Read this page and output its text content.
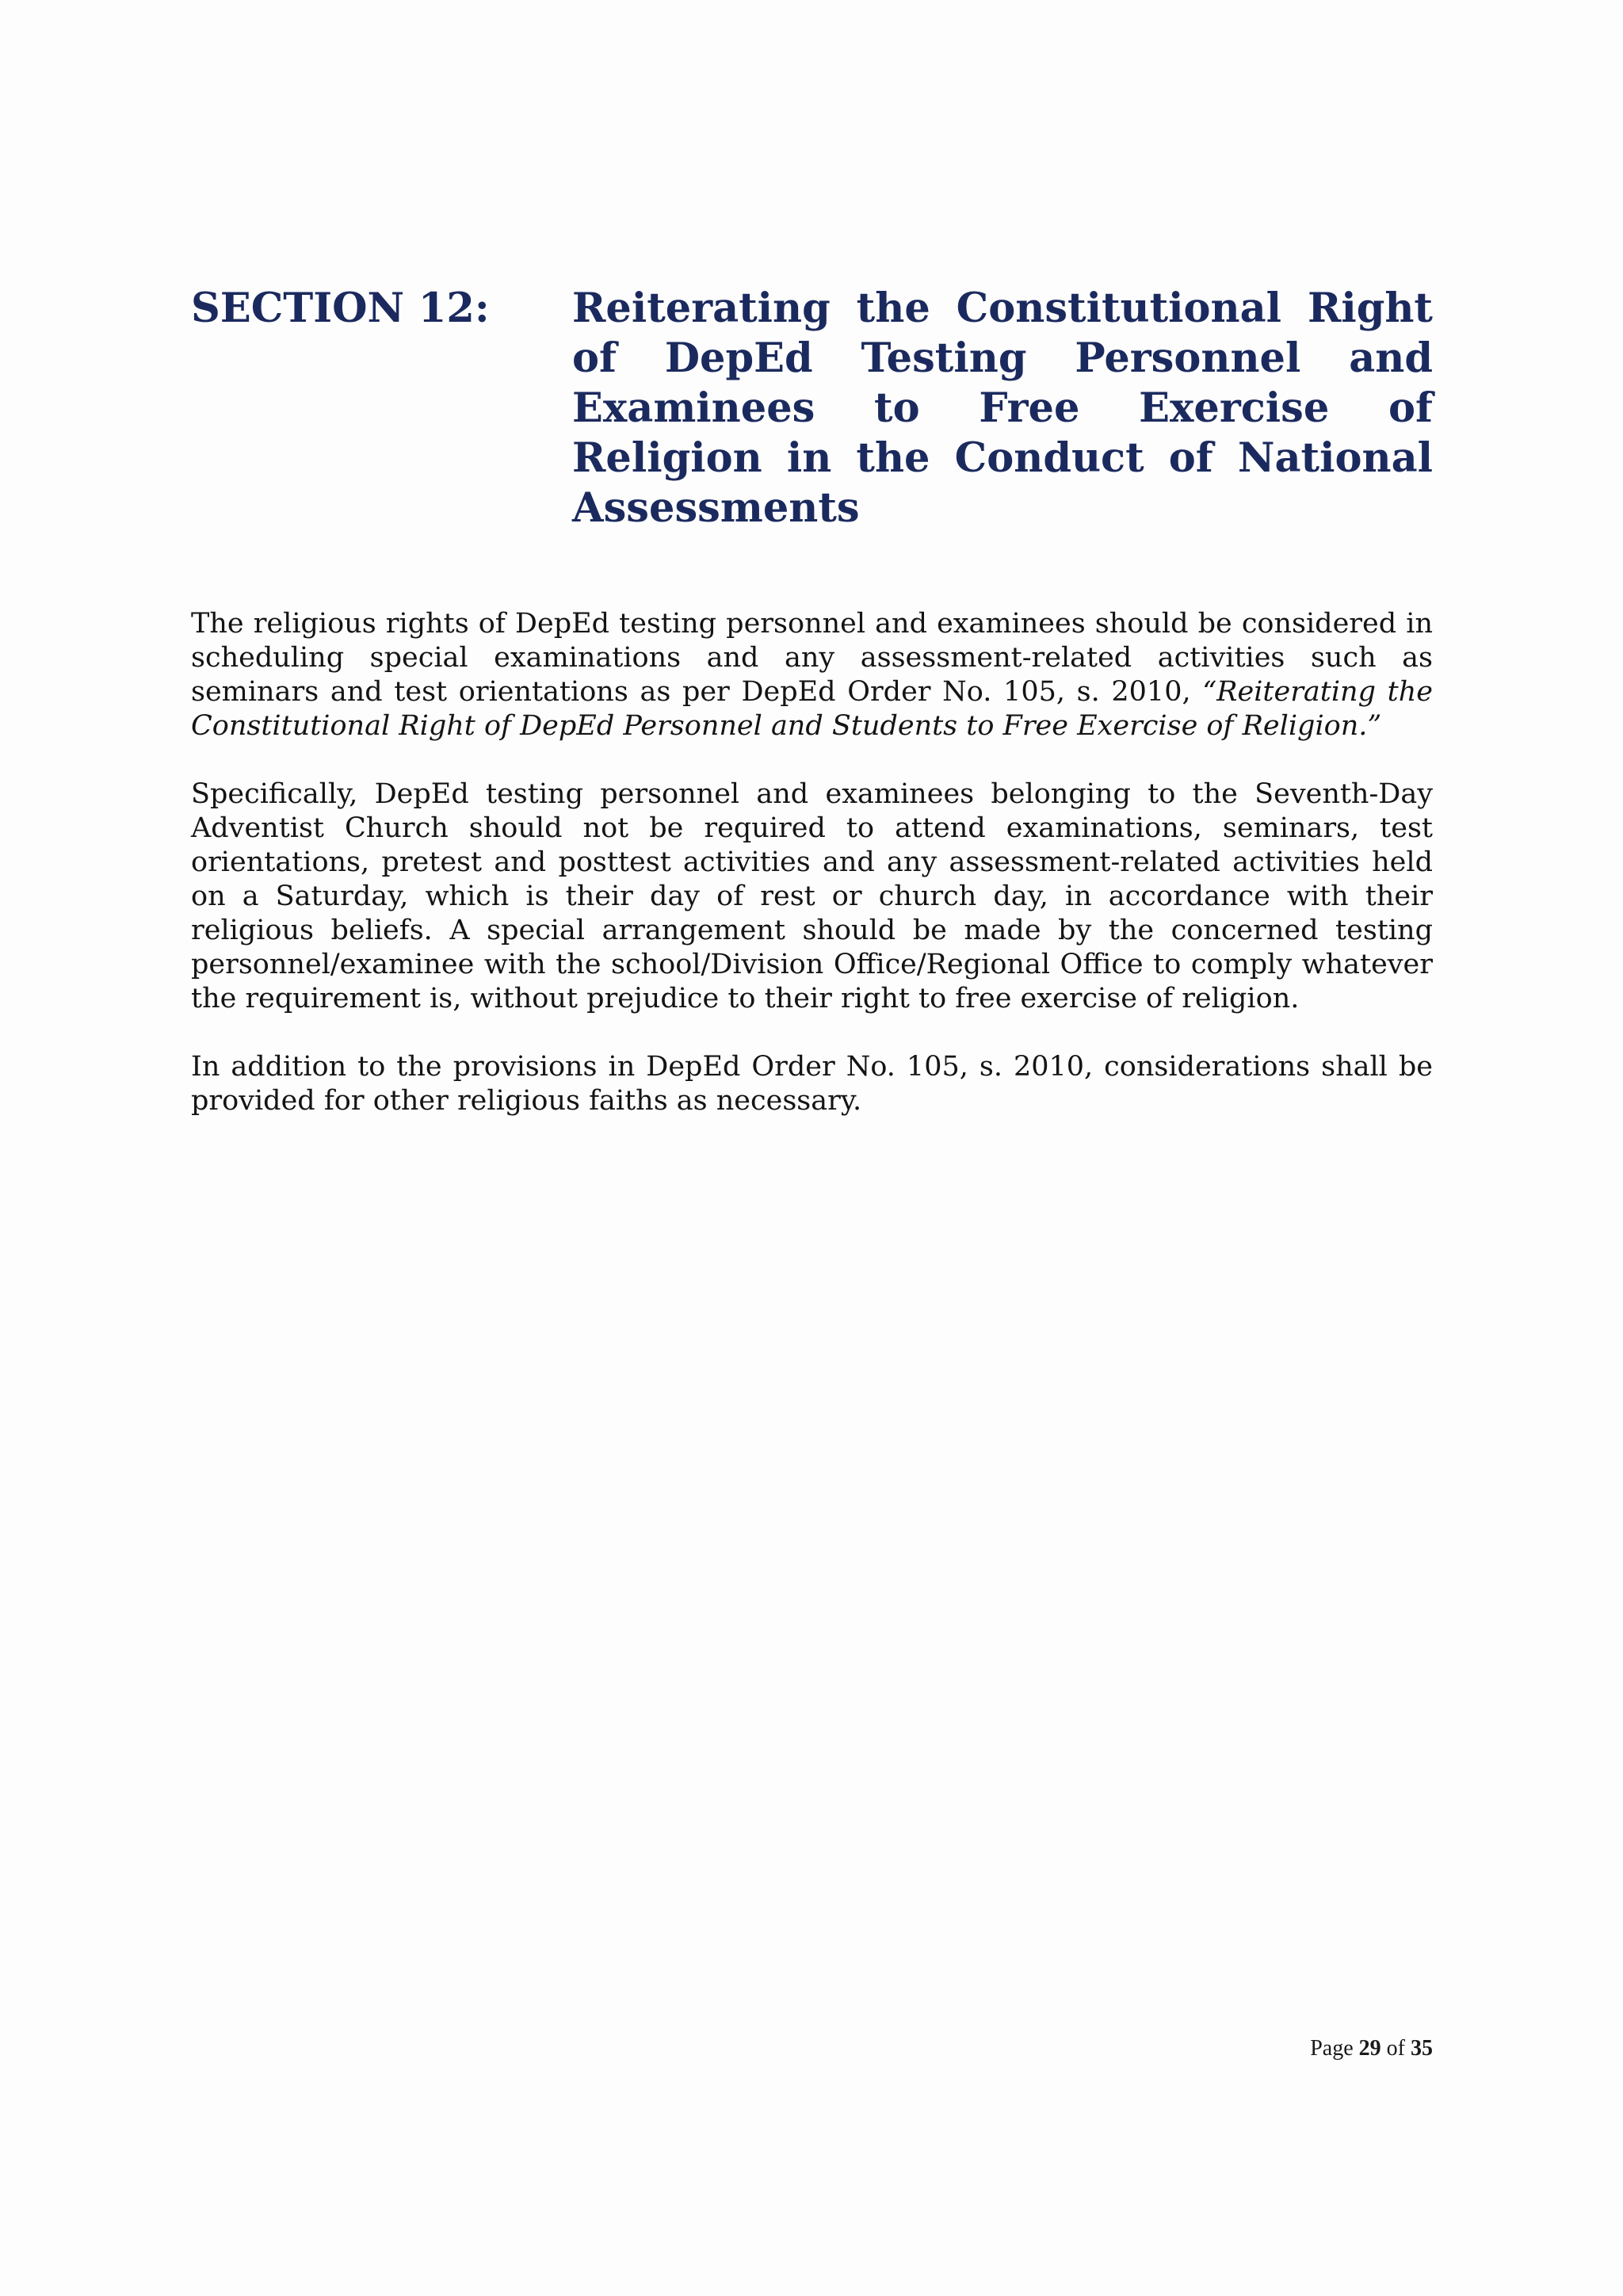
SECTION 12: Reiterating the Constitutional Right of DepEd Testing Personnel and Examinees to Free Exercise of Religion in the Conduct of National Assessments

The religious rights of DepEd testing personnel and examinees should be considered in scheduling special examinations and any assessment-related activities such as seminars and test orientations as per DepEd Order No. 105, s. 2010, “Reiterating the Constitutional Right of DepEd Personnel and Students to Free Exercise of Religion.”

Specifically, DepEd testing personnel and examinees belonging to the Seventh-Day Adventist Church should not be required to attend examinations, seminars, test orientations, pretest and posttest activities and any assessment-related activities held on a Saturday, which is their day of rest or church day, in accordance with their religious beliefs. A special arrangement should be made by the concerned testing personnel/examinee with the school/Division Office/Regional Office to comply whatever the requirement is, without prejudice to their right to free exercise of religion.

In addition to the provisions in DepEd Order No. 105, s. 2010, considerations shall be provided for other religious faiths as necessary.

Page 29 of 35
